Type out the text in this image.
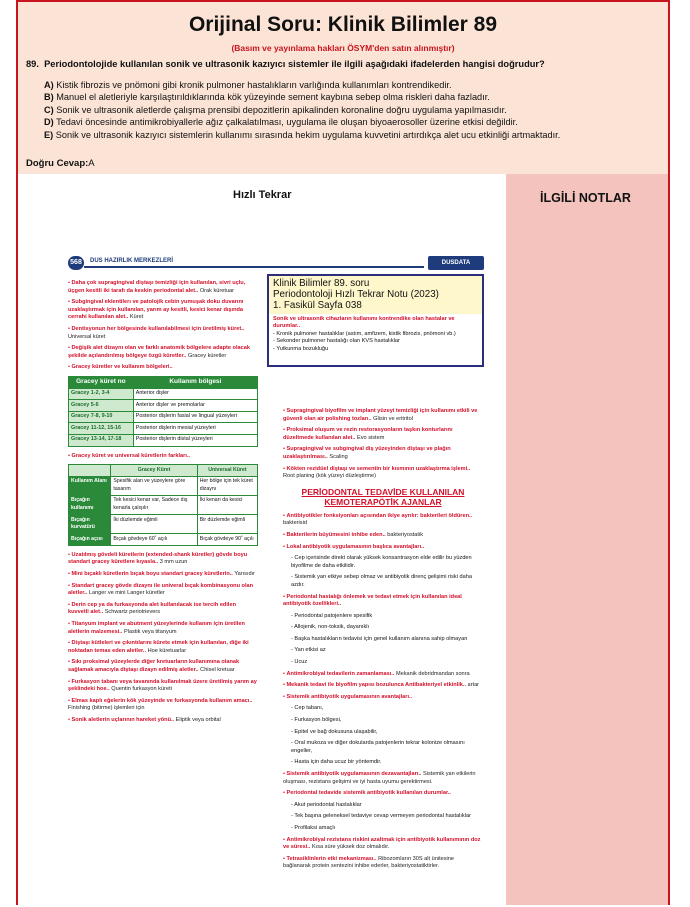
Orijinal Soru: Klinik Bilimler 89
(Basım ve yayınlama hakları ÖSYM'den satın alınmıştır)
89. Periodontolojide kullanılan sonik ve ultrasonik kazıyıcı sistemler ile ilgili aşağıdaki ifadelerden hangisi doğrudur?
A) Kistik fibrozis ve pnömoni gibi kronik pulmoner hastalıkların varlığında kullanımları kontrendikedir.
B) Manuel el aletleriyle karşılaştırıldıklarında kök yüzeyinde sement kaybına sebep olma riskleri daha fazladır.
C) Sonik ve ultrasonik aletlerde çalışma prensibi depozitlerin apikalinden koronaline doğru uygulama yapılmasıdır.
D) Tedavi öncesinde antimikrobiyallerle ağız çalkalatılması, uygulama ile oluşan biyoaerosoller üzerine etkisi değildir.
E) Sonik ve ultrasonik kazıyıcı sistemlerin kullanımı sırasında hekim uygulama kuvvetini artırdıkça alet ucu etkinliği artmaktadır.
Doğru Cevap:A
Hızlı Tekrar
568	DUS HAZIRLIK MERKEZLERİ	DUSDATA

• Daha çok supragingival diştaşı temizliği için kullanılan, sivri uçlu, üçgen kesitli iki tarafı da keskin periodontal alet.. Orak küretuar

• Subgingival eklentilerı ve patolojik cebin yumuşak doku duvarını uzaklaştırmak için kullanılan, yarım ay kesitli, kesici kenar dışında cerrahi kullanılan alet.. Küret

• Dentisyonun her bölgesinde kullanılabilmesi için üretilmiş küret.. Universal küret

• Değişik alet dizaynı olan ve farklı anatomik bölgelere adapte olacak şekilde açılandırılmış bölgeye özgü küretler.. Gracey küretler

• Gracey küretler ve kullanım bölgeleri..

Gracey küret no	Kullanım bölgesi
Gracey 1-2, 3-4	Anterior dişler
Gracey 5-6	Anterior dişler ve premolarlar
Gracey 7-8, 9-10	Posterior dişlerin fasial ve lingual yüzeyleri
Gracey 11-12, 15-16	Posterior dişlerin mesial yüzeyleri
Gracey 13-14, 17-18	Posterior dişlerin distal yüzeyleri

• Gracey küret ve universal küretlerin farkları..

	Gracey Küret	Universal Küret
Kullanım Alanı	Spesifik alan ve yüzeylere göre tasarım	Her bölge için tek küret dizaynı
Bıçağın kullanımı	Tek kesici kenar var, Sadece dış kenarla çalışılır	İki kenarı da kesici
Bıçağın kurvatürü	İki düzlemde eğimli	Bir düzlemde eğimli
Bıçağın açısı	Bıçak gövdeye 60˚ açılı	Bıçak gövdeye 90˚ açılı

• Uzatılmış gövdeli küretlerin (extended-shank küretler) gövde boyu standart gracey küretlere kıyasla.. 3 mm uzun

• Mini bıçaklı küretlerin bıçak boyu standart gracey küretlerin.. Yarısıdır

• Standart gracey gövde dizaynı ile univeral bıçak kombinasyonu olan aletler.. Langer ve mini Langer küretler

• Derin cep ya da furkasyonda alet kullanılacak ise tercih edilen kuvvetli alet.. Schwartz periotrievers

• Titanyum implant ve abutment yüzeylerinde kullanım için üretilen aletlerin malzemesi.. Plastik veya titanyum

• Diştaşı kütleleri ve çıkıntılarını kürete etmek için kullanılan, diğe iki noktadan temas eden aletler.. Hoe küretuarlar

• Sıkı proksimal yüzeylerde diğer kretuarların kullanımına olanak sağlamak amacıyla diştaşı dizayn edilmiş aletler.. Chisel kretuar

• Furkasyon tabanı veya tavanında kullanılmak üzere üretilmiş yarım ay şeklindeki hoe.. Quentin furkasyon küreti

• Elmas kaplı eğelerin kök yüzeyinde ve furkasyonda kullanım amacı.. Finishing (bitirme) işlemleri için

• Sonik aletlerin uçlarının hareket yönü.. Eliptik veya orbital

• Supragingival biyofilm ve implant yüzeyi temizliği için kullanımı etkili ve güvenli olan air polishing tozları.. Glisin ve eritritol

• Proksimal oluşum ve rezin restorasyonların taşkın konturlarını düzeltmede kullanılan alet.. Evo sistem

• Supragingival ve subgingival diş yüzeyinden diştaşı ve plağın uzaklaştırılması.. Scaling

• Kökten rezidüel diştaşı ve sementin bir kısmının uzaklaştırma işlemi.. Root planing (kök yüzeyi düzleştirme)

PERİODONTAL TEDAVİDE KULLANILAN KEMOTERAPÖTİK AJANLAR

• Antibiyotikler fonksiyonları açısından ikiye ayrılır: bakterileri öldüren.. bakterisid

• Bakterilerin büyümesini inhibe eden.. bakteriyostatik

• Lokal antibiyotik uygulamasının başlıca avantajları..

- Cep içerisinde direkt olarak yüksek konsantrasyon elde edilir bu yüzden biyofilme de daha etkilidir.

- Sistemik yan etkiye sebep olmaz ve antibiyotik direnç gelişimi riski daha azdır.

• Periodontal hastalığı önlemek ve tedavi etmek için kullanılan ideal antibiyotik özellikleri..

- Periodontal patojenlere spesifik

- Allojenik, non-toksik, dayanıklı

- Başka hastalıkların tedavisi için genel kullanım alanına sahip olmayan

- Yan etkisi az

- Ucuz

• Antimikrobiyal tedavilerin zamanlaması.. Mekanik debridmandan sonra

• Mekanik tedavi ile biyofilm yapısı bozulunca Antibakteriyel etkinlik.. artar

• Sistemik antibiyotik uygulamasının avantajları..

- Cep tabanı,

- Furkasyon bölgesi,

- Epitel ve bağ dokusuna ulaşabilir,

- Oral mukoza ve diğer dokularda patojenlerin tekrar kolonize olmasını engeller,

- Hasta için daha ucuz bir yöntemdir.

• Sistemik antibiyotik uygulamasının dezavantajları.. Sistemik yan etkilerin oluşması, rezistans gelişimi ve iyi hasta uyumu gerektirmesi.

• Periodontal tedavide sistemik antibiyotik kullanılan durumlar..

- Akut periodontal hastalıklar

- Tek başına geleneksel tedaviye cevap vermeyen periodontal hastalıklar

- Profilaksi amaçlı

• Antimikrobiyal rezistans riskini azaltmak için antibiyotik kullanımının doz ve süresi.. Kısa süre yüksek doz olmalıdır.

• Tetrasiklinlerin etki mekanizması.. Ribozomların 30S alt ünitesine bağlanarak protein sentezini inhibe ederler, bakteriyostatiktirler.

Klinik Bilimler 89. soru
Periodontoloji Hızlı Tekrar Notu (2023)
1. Fasikül Sayfa 038
Sonik ve ultrasonik cihazların kullanımı kontrendike olan hastalar ve durumlar..
- Kronik pulmoner hastalıklar (astım, amfizem, kistik fibrozis, pnömoni vb.)
- Sekonder pulmoner hastalığı olan KVS hastalıklar
- Yutkunma bozukluğu
İLGİLİ NOTLAR
